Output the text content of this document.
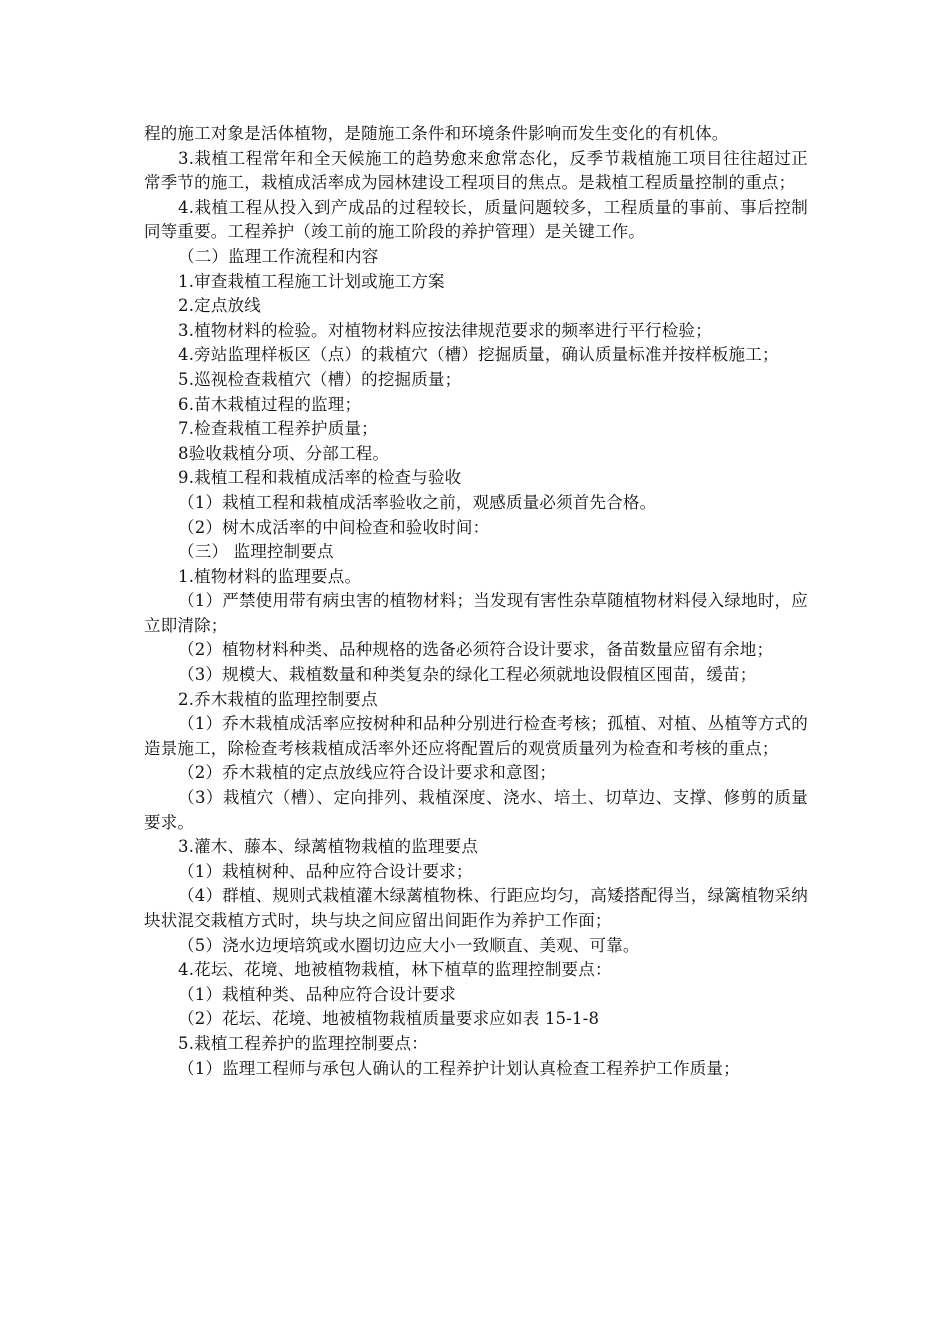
程的施工对象是活体植物，是随施工条件和环境条件影响而发生变化的有机体。

3.栽植工程常年和全天候施工的趋势愈来愈常态化，反季节栽植施工项目往往超过正常季节的施工，栽植成活率成为园林建设工程项目的焦点。是栽植工程质量控制的重点；

4.栽植工程从投入到产成品的过程较长，质量问题较多，工程质量的事前、事后控制同等重要。工程养护（竣工前的施工阶段的养护管理）是关键工作。

（二）监理工作流程和内容

1.审查栽植工程施工计划或施工方案

2.定点放线

3.植物材料的检验。对植物材料应按法律规范要求的频率进行平行检验；

4.旁站监理样板区（点）的栽植穴（槽）挖掘质量，确认质量标准并按样板施工；

5.巡视检查栽植穴（槽）的挖掘质量；

6.苗木栽植过程的监理；

7.检查栽植工程养护质量；

8验收栽植分项、分部工程。

9.栽植工程和栽植成活率的检查与验收

（1）栽植工程和栽植成活率验收之前，观感质量必须首先合格。

（2）树木成活率的中间检查和验收时间：

（三） 监理控制要点

1.植物材料的监理要点。

（1）严禁使用带有病虫害的植物材料；当发现有害性杂草随植物材料侵入绿地时，应立即清除；

（2）植物材料种类、品种规格的选备必须符合设计要求，备苗数量应留有余地；

（3）规模大、栽植数量和种类复杂的绿化工程必须就地设假植区囤苗，缓苗；

2.乔木栽植的监理控制要点

（1）乔木栽植成活率应按树种和品种分别进行检查考核；孤植、对植、丛植等方式的造景施工，除检查考核栽植成活率外还应将配置后的观赏质量列为检查和考核的重点；

（2）乔木栽植的定点放线应符合设计要求和意图；

（3）栽植穴（槽）、定向排列、栽植深度、浇水、培土、切草边、支撑、修剪的质量要求。

3.灌木、藤本、绿蓠植物栽植的监理要点

（1）栽植树种、品种应符合设计要求；

（4）群植、规则式栽植灌木绿蓠植物株、行距应均匀，高矮搭配得当，绿篱植物采纳块状混交栽植方式时，块与块之间应留出间距作为养护工作面；

（5）浇水边埂培筑或水圈切边应大小一致顺直、美观、可靠。

4.花坛、花境、地被植物栽植，林下植草的监理控制要点：

（1）栽植种类、品种应符合设计要求

（2）花坛、花境、地被植物栽植质量要求应如表 15-1-8

5.栽植工程养护的监理控制要点：

（1）监理工程师与承包人确认的工程养护计划认真检查工程养护工作质量；
